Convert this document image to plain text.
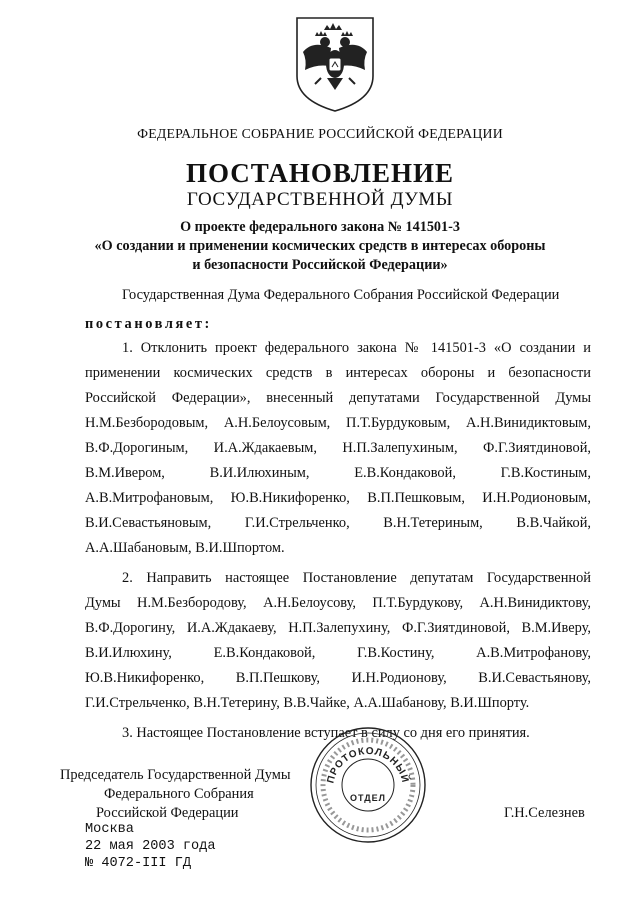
ФЕДЕРАЛЬНОЕ СОБРАНИЕ РОССИЙСКОЙ ФЕДЕРАЦИИ
ПОСТАНОВЛЕНИЕ
ГОСУДАРСТВЕННОЙ ДУМЫ
О проекте федерального закона № 141501-3
«О создании и применении космических средств в интересах обороны
и безопасности Российской Федерации»
Государственная Дума Федерального Собрания Российской Федерации
постановляет:
1. Отклонить проект федерального закона № 141501-3 «О создании и
применении космических средств в интересах обороны и безопасности
Российской Федерации», внесенный депутатами Государственной Думы
Н.М.Безбородовым, А.Н.Белоусовым, П.Т.Бурдуковым, А.Н.Винидиктовым,
В.Ф.Дорогиным, И.А.Ждакаевым, Н.П.Залепухиным, Ф.Г.Зиятдиновой,
В.М.Ивером, В.И.Илюхиным, Е.В.Кондаковой, Г.В.Костиным,
А.В.Митрофановым, Ю.В.Никифоренко, В.П.Пешковым, И.Н.Родионовым,
В.И.Севастьяновым, Г.И.Стрельченко, В.Н.Тетериным, В.В.Чайкой,
А.А.Шабановым, В.И.Шпортом.
2. Направить настоящее Постановление депутатам Государственной
Думы Н.М.Безбородову, А.Н.Белоусову, П.Т.Бурдукову, А.Н.Винидиктову,
В.Ф.Дорогину, И.А.Ждакаеву, Н.П.Залепухину, Ф.Г.Зиятдиновой, В.М.Иверу,
В.И.Илюхину, Е.В.Кондаковой, Г.В.Костину, А.В.Митрофанову,
Ю.В.Никифоренко, В.П.Пешкову, И.Н.Родионову, В.И.Севастьянову,
Г.И.Стрельченко, В.Н.Тетерину, В.В.Чайке, А.А.Шабанову, В.И.Шпорту.
3. Настоящее Постановление вступает в силу со дня его принятия.
Председатель Государственной Думы
Федерального Собрания
Российской Федерации	Г.Н.Селезнев
Москва
22 мая 2003 года
№ 4072-III ГД
ПРОТОКОЛЬНЫЙ
ОТДЕЛ
